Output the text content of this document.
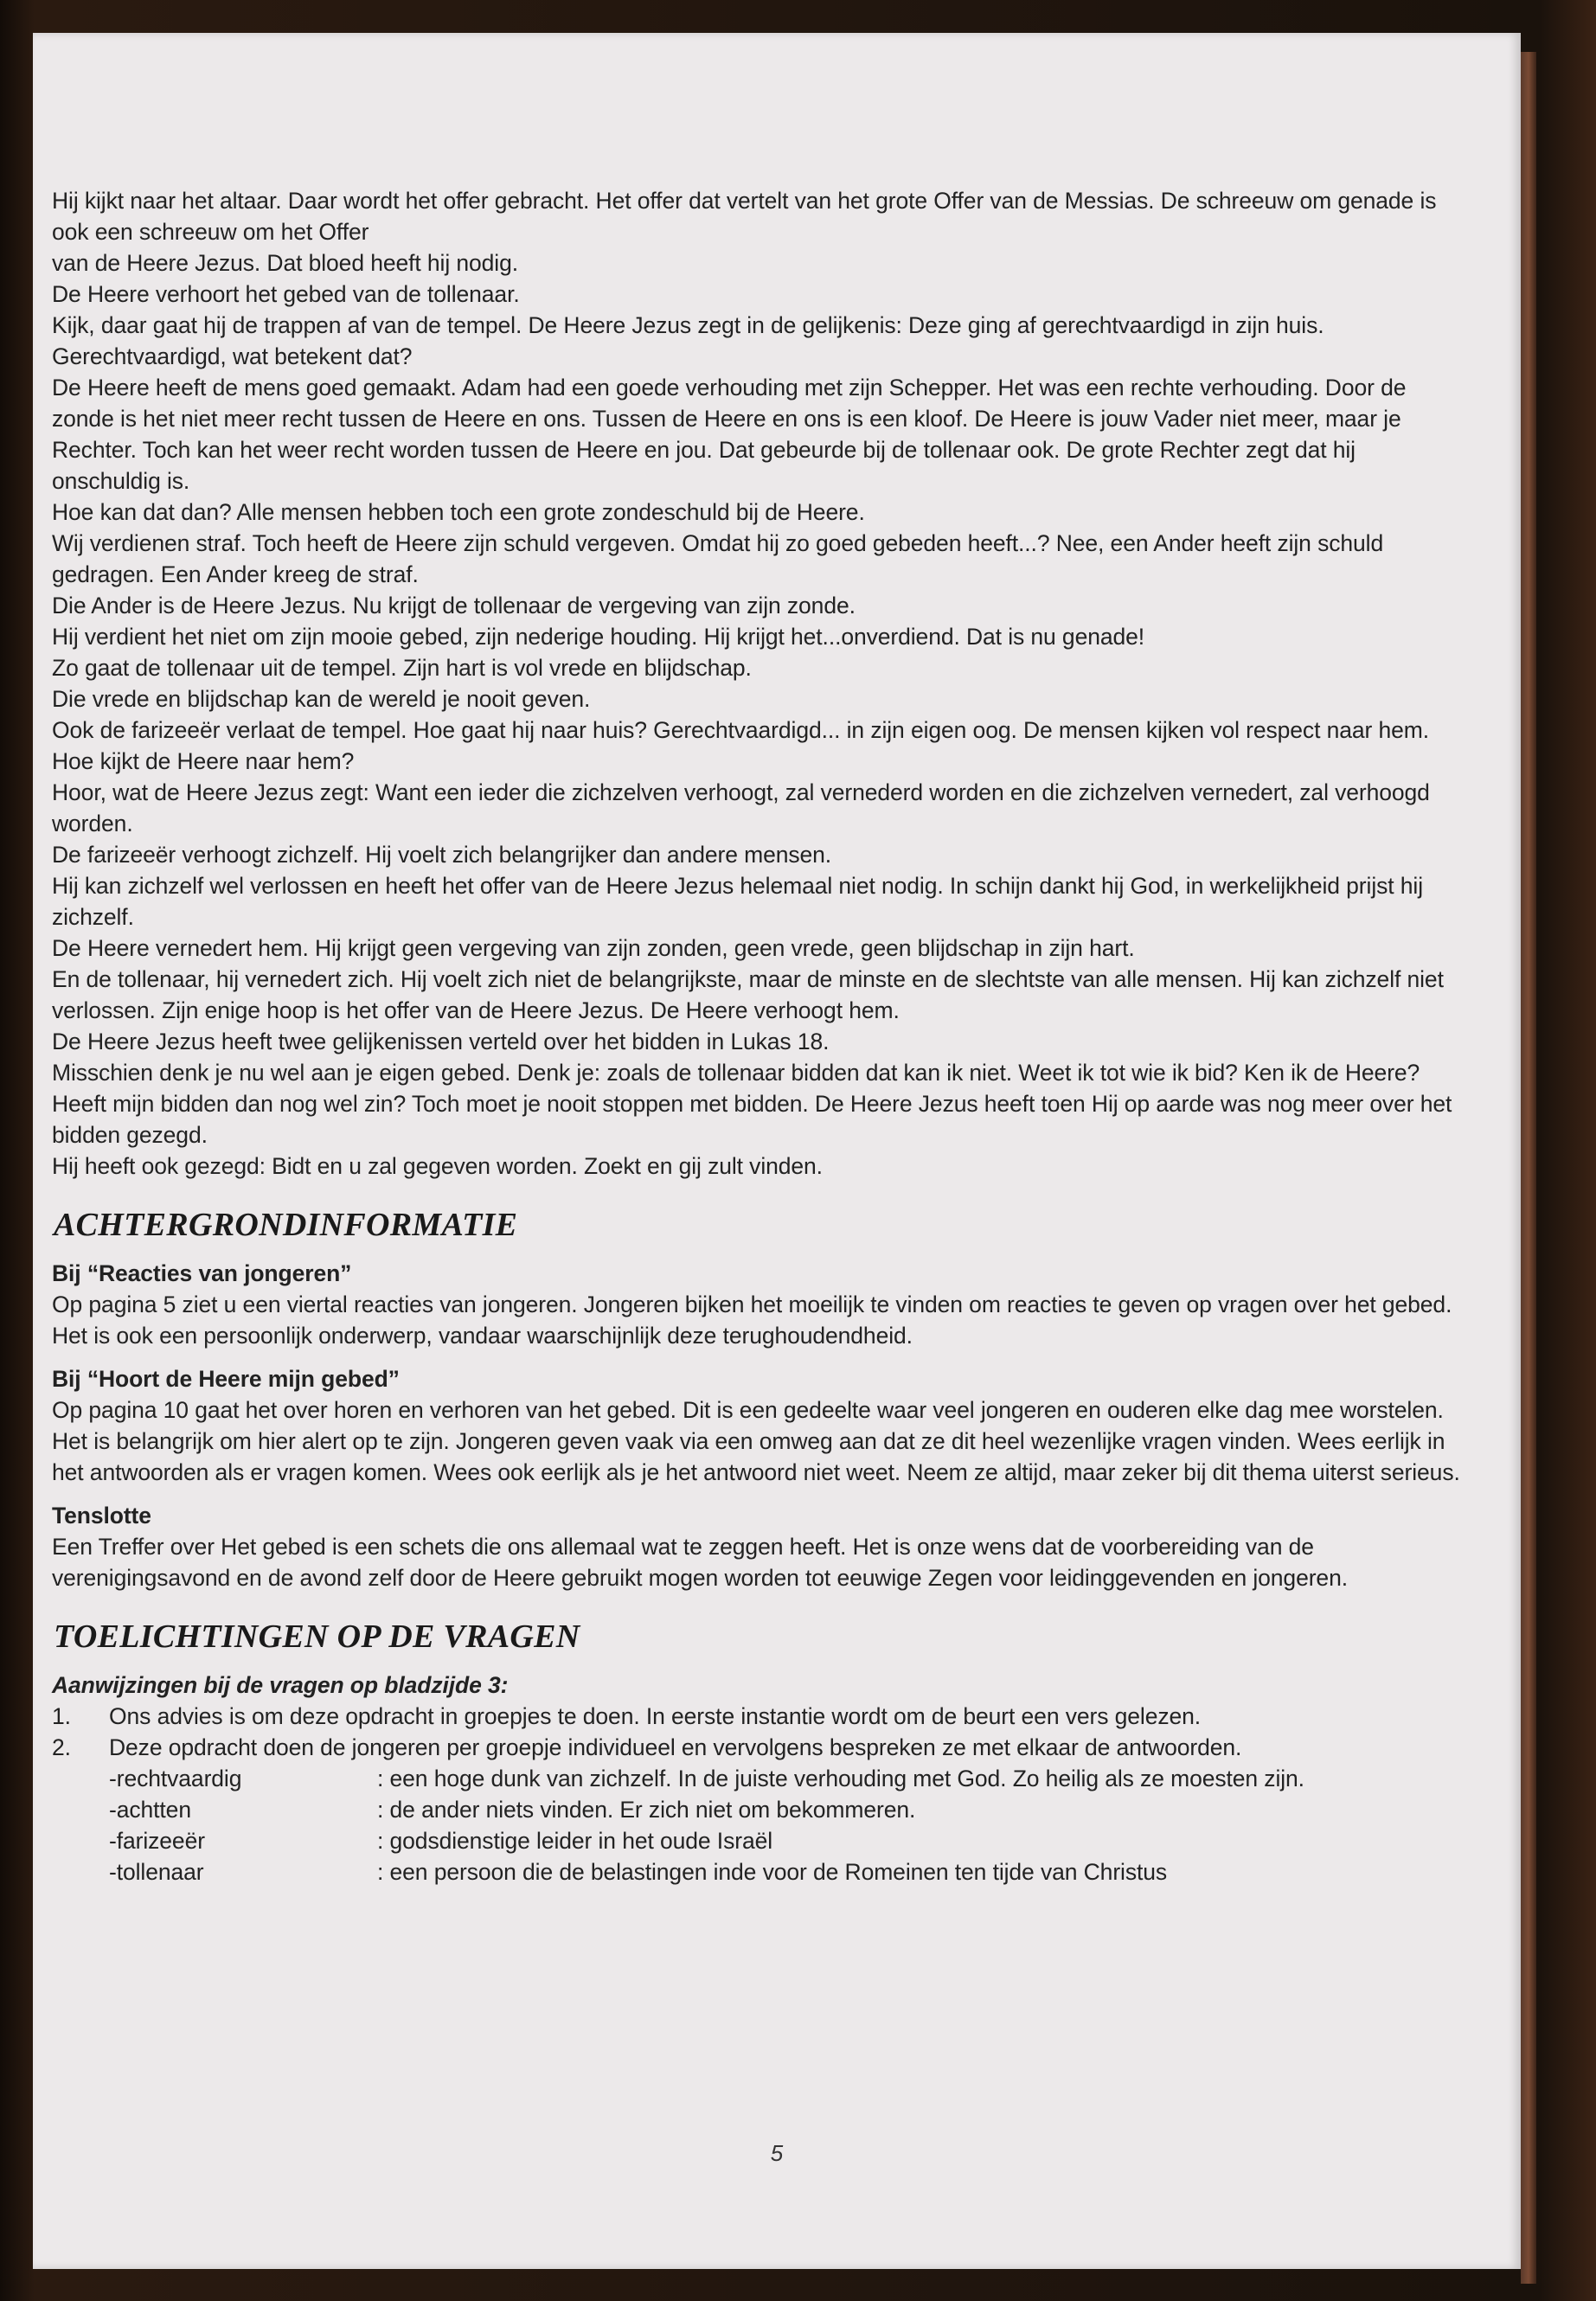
Hij kijkt naar het altaar. Daar wordt het offer gebracht. Het offer dat vertelt van het grote Offer van de Messias. De schreeuw om genade is ook een schreeuw om het Offer

van de Heere Jezus. Dat bloed heeft hij nodig.

De Heere verhoort het gebed van de tollenaar.

Kijk, daar gaat hij de trappen af van de tempel. De Heere Jezus zegt in de gelijkenis: Deze ging af gerechtvaardigd in zijn huis. Gerechtvaardigd, wat betekent dat?

De Heere heeft de mens goed gemaakt. Adam had een goede verhouding met zijn Schepper. Het was een rechte verhouding. Door de zonde is het niet meer recht tussen de Heere en ons. Tussen de Heere en ons is een kloof. De Heere is jouw Vader niet meer, maar je Rechter. Toch kan het weer recht worden tussen de Heere en jou. Dat gebeurde bij de tollenaar ook. De grote Rechter zegt dat hij onschuldig is.

Hoe kan dat dan? Alle mensen hebben toch een grote zondeschuld bij de Heere.

Wij verdienen straf. Toch heeft de Heere zijn schuld vergeven. Omdat hij zo goed gebeden heeft...? Nee, een Ander heeft zijn schuld gedragen. Een Ander kreeg de straf.

Die Ander is de Heere Jezus. Nu krijgt de tollenaar de vergeving van zijn zonde.

Hij verdient het niet om zijn mooie gebed, zijn nederige houding. Hij krijgt het...onverdiend. Dat is nu genade!

Zo gaat de tollenaar uit de tempel. Zijn hart is vol vrede en blijdschap.

Die vrede en blijdschap kan de wereld je nooit geven.

Ook de farizeeër verlaat de tempel. Hoe gaat hij naar huis? Gerechtvaardigd... in zijn eigen oog. De mensen kijken vol respect naar hem. Hoe kijkt de Heere naar hem?

Hoor, wat de Heere Jezus zegt: Want een ieder die zichzelven verhoogt, zal vernederd worden en die zichzelven vernedert, zal verhoogd worden.

De farizeeër verhoogt zichzelf. Hij voelt zich belangrijker dan andere mensen.

Hij kan zichzelf wel verlossen en heeft het offer van de Heere Jezus helemaal niet nodig. In schijn dankt hij God, in werkelijkheid prijst hij zichzelf.

De Heere vernedert hem. Hij krijgt geen vergeving van zijn zonden, geen vrede, geen blijdschap in zijn hart.

En de tollenaar, hij vernedert zich. Hij voelt zich niet de belangrijkste, maar de minste en de slechtste van alle mensen. Hij kan zichzelf niet verlossen. Zijn enige hoop is het offer van de Heere Jezus. De Heere verhoogt hem.

De Heere Jezus heeft twee gelijkenissen verteld over het bidden in Lukas 18.

Misschien denk je nu wel aan je eigen gebed. Denk je: zoals de tollenaar bidden dat kan ik niet. Weet ik tot wie ik bid? Ken ik de Heere? Heeft mijn bidden dan nog wel zin? Toch moet je nooit stoppen met bidden. De Heere Jezus heeft toen Hij op aarde was nog meer over het bidden gezegd.

Hij heeft ook gezegd: Bidt en u zal gegeven worden. Zoekt en gij zult vinden.

ACHTERGRONDINFORMATIE

Bij “Reacties van jongeren”

Op pagina 5 ziet u een viertal reacties van jongeren. Jongeren bijken het moeilijk te vinden om reacties te geven op vragen over het gebed. Het is ook een persoonlijk onderwerp, vandaar waarschijnlijk deze terughoudendheid.

Bij “Hoort de Heere mijn gebed”

Op pagina 10 gaat het over horen en verhoren van het gebed. Dit is een gedeelte waar veel jongeren en ouderen elke dag mee worstelen. Het is belangrijk om hier alert op te zijn. Jongeren geven vaak via een omweg aan dat ze dit heel wezenlijke vragen vinden. Wees eerlijk in het antwoorden als er vragen komen. Wees ook eerlijk als je het antwoord niet weet. Neem ze altijd, maar zeker bij dit thema uiterst serieus.

Tenslotte

Een Treffer over Het gebed is een schets die ons allemaal wat te zeggen heeft. Het is onze wens dat de voorbereiding van de verenigingsavond en de avond zelf door de Heere gebruikt mogen worden tot eeuwige Zegen voor leidinggevenden en jongeren.

TOELICHTINGEN OP DE VRAGEN

Aanwijzingen bij de vragen op bladzijde 3:

1. Ons advies is om deze opdracht in groepjes te doen. In eerste instantie wordt om de beurt een vers gelezen.
2. Deze opdracht doen de jongeren per groepje individueel en vervolgens bespreken ze met elkaar de antwoorden.
-rechtvaardig	: een hoge dunk van zichzelf. In de juiste verhouding met God. Zo heilig als ze moesten zijn.
-achtten	: de ander niets vinden. Er zich niet om bekommeren.
-farizeeër	: godsdienstige leider in het oude Israël
-tollenaar	: een persoon die de belastingen inde voor de Romeinen ten tijde van Christus
5
